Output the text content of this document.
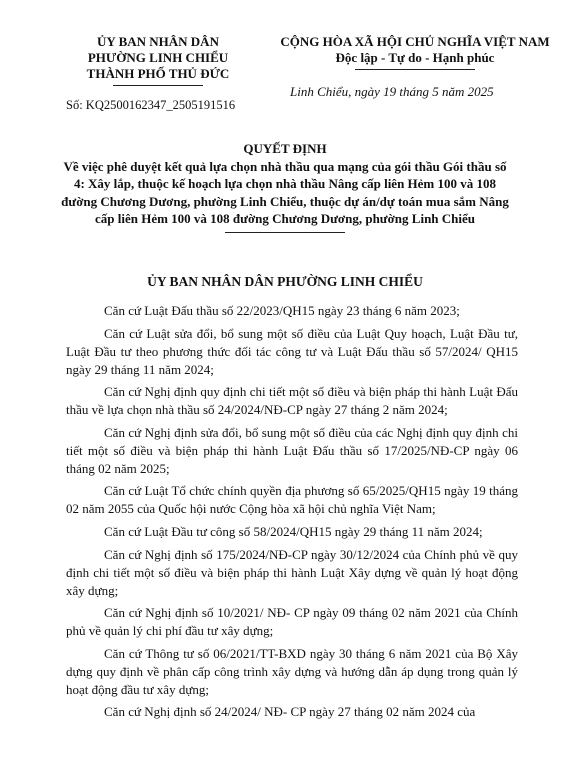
ỦY BAN NHÂN DÂN
PHƯỜNG LINH CHIỂU
THÀNH PHỐ THỦ ĐỨC
CỘNG HÒA XÃ HỘI CHỦ NGHĨA VIỆT NAM
Độc lập - Tự do - Hạnh phúc
Số: KQ2500162347_2505191516
Linh Chiểu, ngày 19 tháng 5 năm 2025
QUYẾT ĐỊNH
Về việc phê duyệt kết quả lựa chọn nhà thầu qua mạng của gói thầu Gói thầu số 4: Xây lắp, thuộc kế hoạch lựa chọn nhà thầu Nâng cấp liên Hẻm 100 và 108 đường Chương Dương, phường Linh Chiểu, thuộc dự án/dự toán mua sắm Nâng cấp liên Hẻm 100 và 108 đường Chương Dương, phường Linh Chiểu
ỦY BAN NHÂN DÂN PHƯỜNG LINH CHIỂU

Căn cứ Luật Đấu thầu số 22/2023/QH15 ngày 23 tháng 6 năm 2023;

Căn cứ Luật sửa đổi, bổ sung một số điều của Luật Quy hoạch, Luật Đầu tư, Luật Đầu tư theo phương thức đối tác công tư và Luật Đấu thầu số 57/2024/ QH15 ngày 29 tháng 11 năm 2024;

Căn cứ Nghị định quy định chi tiết một số điều và biện pháp thi hành Luật Đấu thầu về lựa chọn nhà thầu số 24/2024/NĐ-CP ngày 27 tháng 2 năm 2024;

Căn cứ Nghị định sửa đổi, bổ sung một số điều của các Nghị định quy định chi tiết một số điều và biện pháp thi hành Luật Đấu thầu số 17/2025/NĐ-CP ngày 06 tháng 02 năm 2025;

Căn cứ Luật Tổ chức chính quyền địa phương số 65/2025/QH15 ngày 19 tháng 02 năm 2055 của Quốc hội nước Cộng hòa xã hội chủ nghĩa Việt Nam;

Căn cứ Luật Đầu tư công số 58/2024/QH15 ngày 29 tháng 11 năm 2024;

Căn cứ Nghị định số 175/2024/NĐ-CP ngày 30/12/2024 của Chính phủ về quy định chi tiết một số điều và biện pháp thi hành Luật Xây dựng về quản lý hoạt động xây dựng;

Căn cứ Nghị định số 10/2021/ NĐ- CP ngày 09 tháng 02 năm 2021 của Chính phủ về quản lý chi phí đầu tư xây dựng;

Căn cứ Thông tư số 06/2021/TT-BXD ngày 30 tháng 6 năm 2021 của Bộ Xây dựng quy định về phân cấp công trình xây dựng và hướng dẫn áp dụng trong quản lý hoạt động đầu tư xây dựng;

Căn cứ Nghị định số 24/2024/ NĐ- CP ngày 27 tháng 02 năm 2024 của
